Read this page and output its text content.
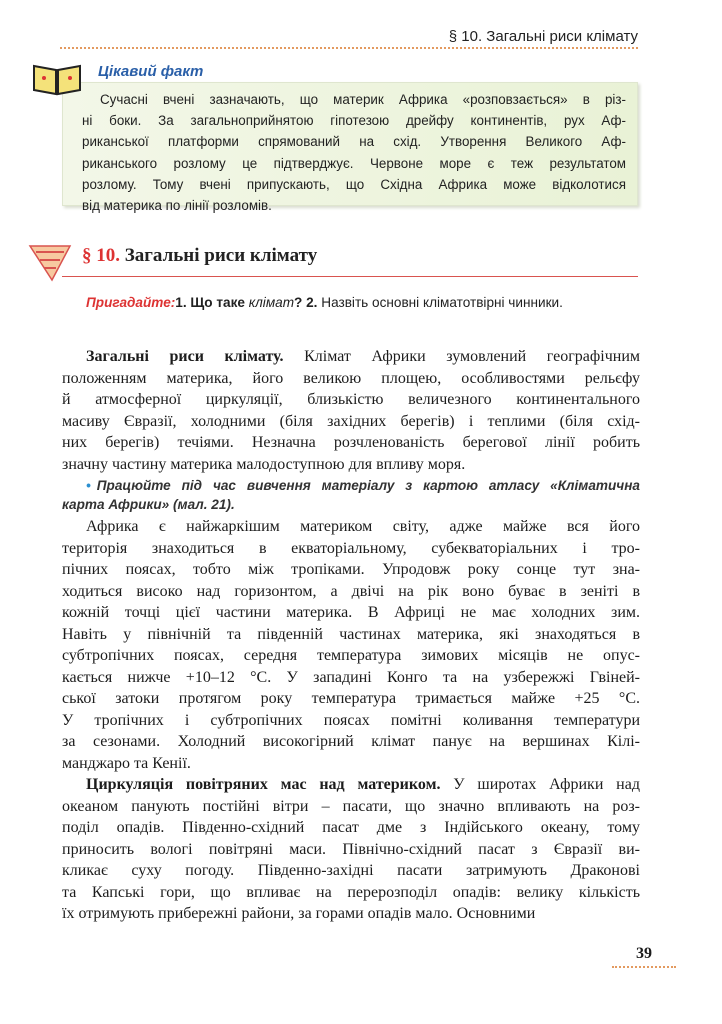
§ 10. Загальні риси клімату
Цікавий факт
Сучасні вчені зазначають, що материк Африка «розповзається» в різ-
ні боки. За загальноприйнятою гіпотезою дрейфу континентів, рух Аф-
риканської платформи спрямований на схід. Утворення Великого Аф-
риканського розлому це підтверджує. Червоне море є теж результатом
розлому. Тому вчені припускають, що Східна Африка може відколотися
від материка по лінії розломів.
§ 10. Загальні риси клімату
Пригадайте:1. Що таке клімат? 2. Назвіть основні кліматотвірні чинники.
Загальні риси клімату. Клімат Африки зумовлений географічним
положенням материка, його великою площею, особливостями рельєфу
й атмосферної циркуляції, близькістю величезного континентального
масиву Євразії, холодними (біля західних берегів) і теплими (біля схід-
них берегів) течіями. Незначна розчленованість берегової лінії робить
значну частину материка малодоступною для впливу моря.
• Працюйте під час вивчення матеріалу з картою атласу «Кліматична
карта Африки» (мал. 21).
Африка є найжаркішим материком світу, адже майже вся його
територія знаходиться в екваторіальному, субекваторіальних і тро-
пічних поясах, тобто між тропіками. Упродовж року сонце тут зна-
ходиться високо над горизонтом, а двічі на рік воно буває в зеніті в
кожній точці цієї частини материка. В Африці не має холодних зим.
Навіть у північній та південній частинах материка, які знаходяться в
субтропічних поясах, середня температура зимових місяців не опус-
кається нижче +10–12 °С. У западині Конго та на узбережжі Гвіней-
ської затоки протягом року температура тримається майже +25 °С.
У тропічних і субтропічних поясах помітні коливання температури
за сезонами. Холодний високогірний клімат панує на вершинах Кілі-
манджаро та Кенії.
Циркуляція повітряних мас над материком. У широтах Африки над
океаном панують постійні вітри – пасати, що значно впливають на роз-
поділ опадів. Південно-східний пасат дме з Індійського океану, тому
приносить вологі повітряні маси. Північно-східний пасат з Євразії ви-
кликає суху погоду. Південно-західні пасати затримують Драконові
та Капські гори, що впливає на перерозподіл опадів: велику кількість
їх отримують прибережні райони, за горами опадів мало. Основними
39
